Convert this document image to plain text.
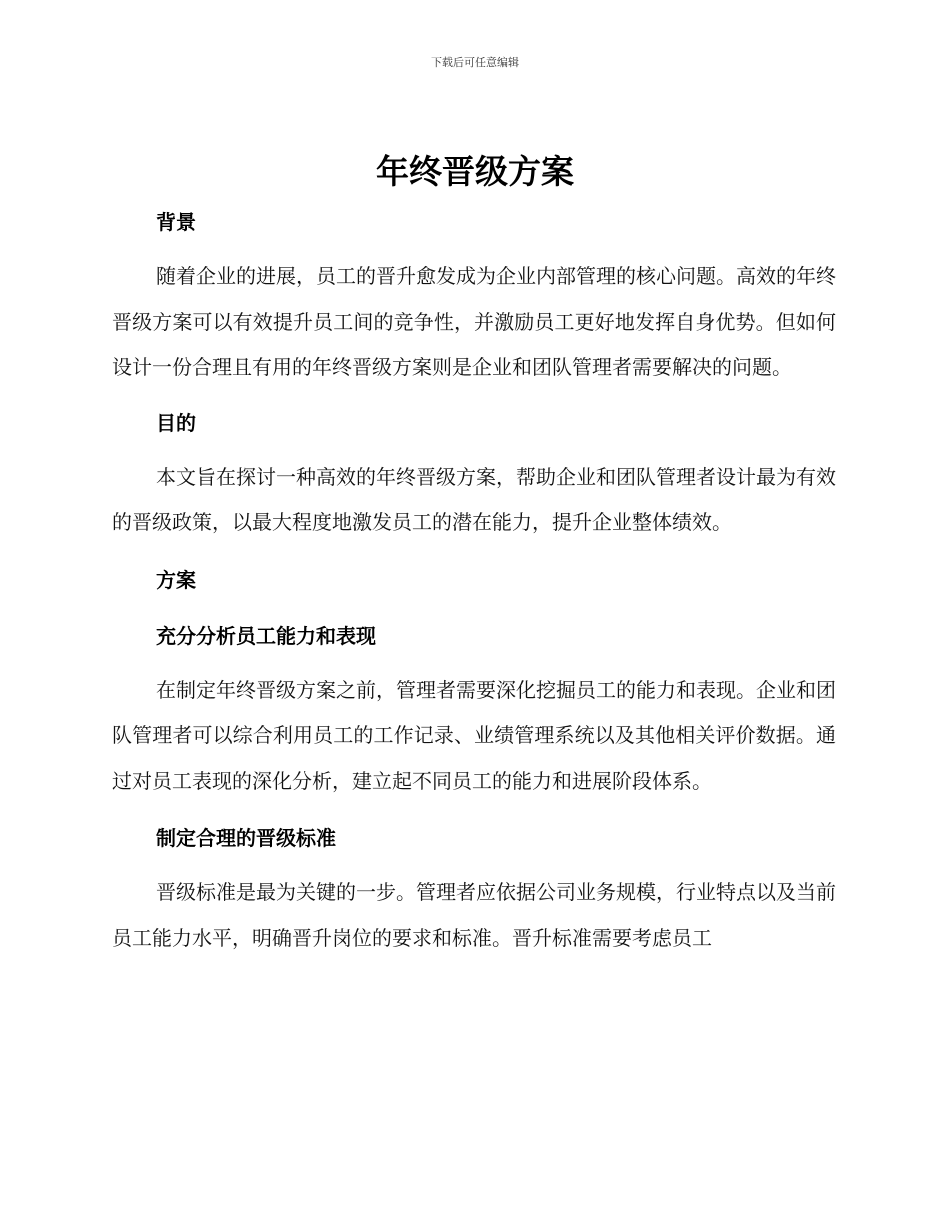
下载后可任意编辑
年终晋级方案
背景

随着企业的进展，员工的晋升愈发成为企业内部管理的核心问题。高效的年终晋级方案可以有效提升员工间的竞争性，并激励员工更好地发挥自身优势。但如何设计一份合理且有用的年终晋级方案则是企业和团队管理者需要解决的问题。

目的

本文旨在探讨一种高效的年终晋级方案，帮助企业和团队管理者设计最为有效的晋级政策，以最大程度地激发员工的潜在能力，提升企业整体绩效。

方案
充分分析员工能力和表现

在制定年终晋级方案之前，管理者需要深化挖掘员工的能力和表现。企业和团队管理者可以综合利用员工的工作记录、业绩管理系统以及其他相关评价数据。通过对员工表现的深化分析，建立起不同员工的能力和进展阶段体系。

制定合理的晋级标准

晋级标准是最为关键的一步。管理者应依据公司业务规模，行业特点以及当前员工能力水平，明确晋升岗位的要求和标准。晋升标准需要考虑员工
